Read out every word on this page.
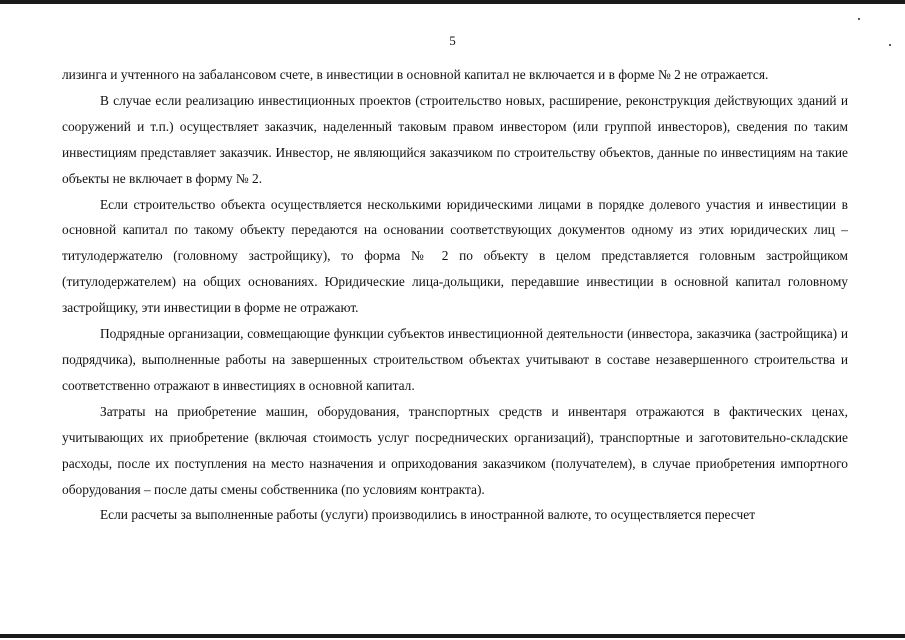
5

лизинга и учтенного на забалансовом счете, в инвестиции в основной капитал не включается и в форме № 2 не отражается.

В случае если реализацию инвестиционных проектов (строительство новых, расширение, реконструкция действующих зданий и сооружений и т.п.) осуществляет заказчик, наделенный таковым правом инвестором (или группой инвесторов), сведения по таким инвестициям представляет заказчик. Инвестор, не являющийся заказчиком по строительству объектов, данные по инвестициям на такие объекты не включает в форму № 2.

Если строительство объекта осуществляется несколькими юридическими лицами в порядке долевого участия и инвестиции в основной капитал по такому объекту передаются на основании соответствующих документов одному из этих юридических лиц – титулодержателю (головному застройщику), то форма № 2 по объекту в целом представляется головным застройщиком (титулодержателем) на общих основаниях. Юридические лица-дольщики, передавшие инвестиции в основной капитал головному застройщику, эти инвестиции в форме не отражают.

Подрядные организации, совмещающие функции субъектов инвестиционной деятельности (инвестора, заказчика (застройщика) и подрядчика), выполненные работы на завершенных строительством объектах учитывают в составе незавершенного строительства и соответственно отражают в инвестициях в основной капитал.

Затраты на приобретение машин, оборудования, транспортных средств и инвентаря отражаются в фактических ценах, учитывающих их приобретение (включая стоимость услуг посреднических организаций), транспортные и заготовительно-складские расходы, после их поступления на место назначения и оприходования заказчиком (получателем), в случае приобретения импортного оборудования – после даты смены собственника (по условиям контракта).

Если расчеты за выполненные работы (услуги) производились в иностранной валюте, то осуществляется пересчет
